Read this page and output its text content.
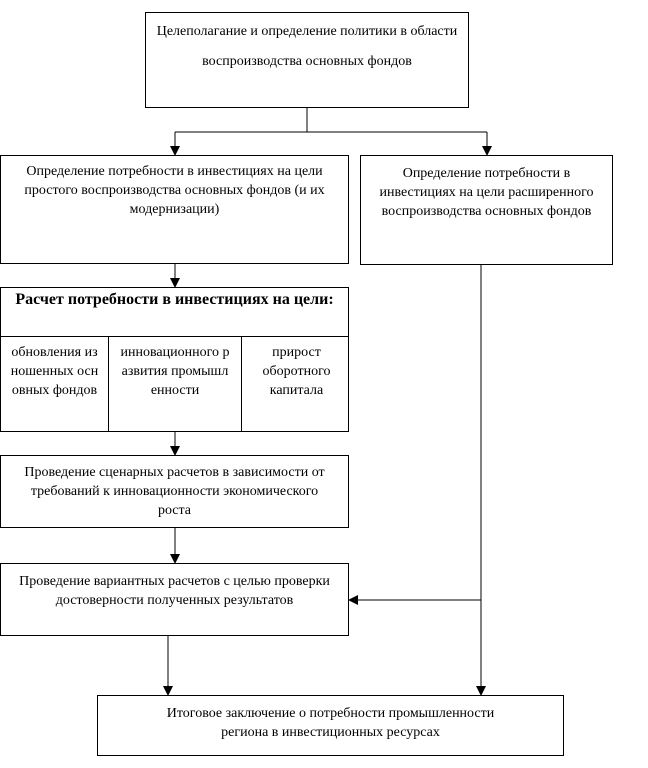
Целеполагание и определение политики в области воспроизводства основных фондов
Определение потребности в инвестициях на цели простого воспроизводства основных фондов (и их модернизации)
Определение потребности в инвестициях на цели расширенного воспроизводства основных фондов
Расчет потребности в инвестициях на цели:
обновления изношенных основных фондов
инновационного развития промышленности
прирост оборотного капитала
Проведение сценарных расчетов в зависимости от требований к инновационности экономического роста
Проведение вариантных расчетов с целью проверки достоверности полученных результатов
Итоговое заключение о потребности промышленности региона в инвестиционных ресурсах
